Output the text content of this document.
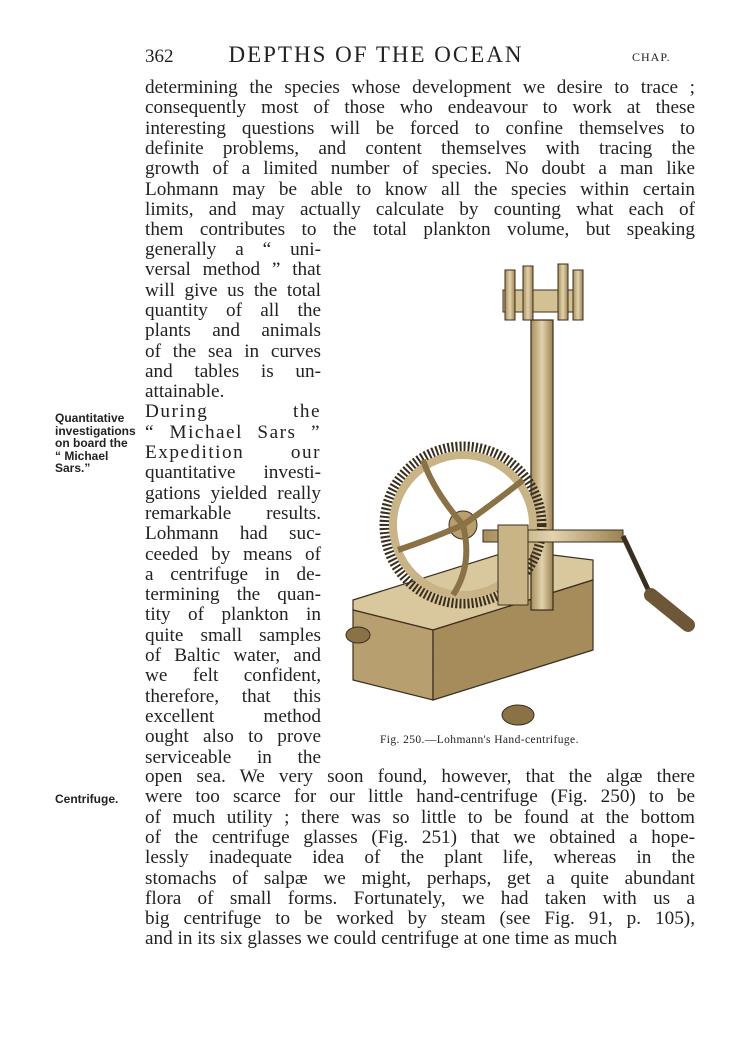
362	DEPTHS OF THE OCEAN	CHAP.
determining the species whose development we desire to trace ;
consequently most of those who endeavour to work at these
interesting questions will be forced to confine themselves to
definite problems, and content themselves with tracing the
growth of a limited number of species. No doubt a man like
Lohmann may be able to know all the species within certain
limits, and may actually calculate by counting what each of
them contributes to the total plankton volume, but speaking
generally a “ uni-
versal method ” that
will give us the total
quantity of all the
plants and animals
of the sea in curves
and tables is un-
attainable.
During the
“ Michael Sars ”
Expedition our
quantitative investi-
gations yielded really
remarkable results.
Lohmann had suc-
ceeded by means of
a centrifuge in de-
termining the quan-
tity of plankton in
quite small samples
of Baltic water, and
we felt confident,
therefore, that this
excellent method
ought also to prove
serviceable in the
open sea. We very soon found, however, that the algæ there
were too scarce for our little hand-centrifuge (Fig. 250) to be
of much utility ; there was so little to be found at the bottom
of the centrifuge glasses (Fig. 251) that we obtained a hope-
lessly inadequate idea of the plant life, whereas in the
stomachs of salpæ we might, perhaps, get a quite abundant
flora of small forms. Fortunately, we had taken with us a
big centrifuge to be worked by steam (see Fig. 91, p. 105),
and in its six glasses we could centrifuge at one time as much
Quantitative
investigations
on board the
“ Michael
Sars.”
Centrifuge.
Fig. 250.—Lohmann's Hand-centrifuge.
